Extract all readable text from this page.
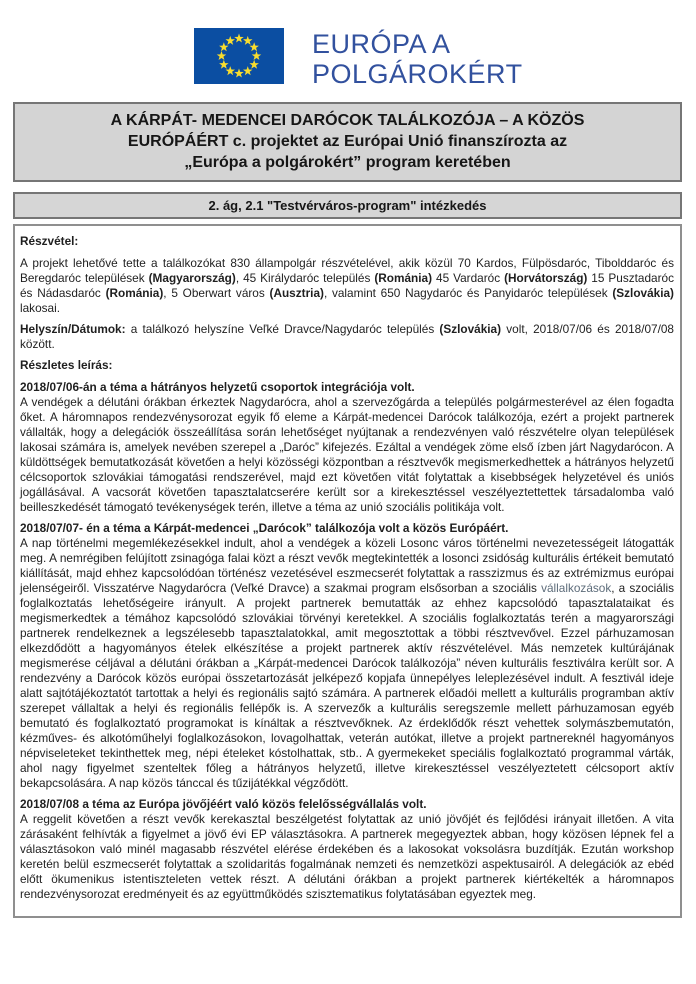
EURÓPA A
POLGÁROKÉRT
A KÁRPÁT- MEDENCEI DARÓCOK TALÁLKOZÓJA – A KÖZÖS
EURÓPÁÉRT c. projektet az Európai Unió finanszírozta az
„Európa a polgárokért” program keretében
2. ág, 2.1 "Testvérváros-program" intézkedés
Részvétel:

A projekt lehetővé tette a találkozókat 830 állampolgár részvételével, akik közül 70 Kardos, Fülpösdaróc, Tibolddaróc és Beregdaróc települések (Magyarország), 45 Királydaróc település (Románia) 45 Vardaróc (Horvátország) 15 Pusztadaróc és Nádasdaróc (Románia), 5 Oberwart város (Ausztria), valamint 650 Nagydaróc és Panyidaróc települések (Szlovákia) lakosai.

Helyszín/Dátumok: a találkozó helyszíne Veľké Dravce/Nagydaróc település (Szlovákia) volt, 2018/07/06 és 2018/07/08 között.

Részletes leírás:
2018/07/06-án a téma a hátrányos helyzetű csoportok integrációja volt.
A vendégek a délutáni órákban érkeztek Nagydarócra, ahol a szervezőgárda a település polgármesterével az élen fogadta őket. A háromnapos rendezvénysorozat egyik fő eleme a Kárpát-medencei Darócok találkozója, ezért a projekt partnerek vállalták, hogy a delegációk összeállítása során lehetőséget nyújtanak a rendezvényen való részvételre olyan települések lakosai számára is, amelyek nevében szerepel a „Daróc” kifejezés. Ezáltal a vendégek zöme első ízben járt Nagydarócon. A küldöttségek bemutatkozását követően a helyi közösségi központban a résztvevők megismerkedhettek a hátrányos helyzetű célcsoportok szlovákiai támogatási rendszerével, majd ezt követően vitát folytattak a kisebbségek helyzetével és uniós jogállásával. A vacsorát követően tapasztalatcserére került sor a kirekesztéssel veszélyeztettettek társadalomba való beilleszkedését támogató tevékenységek terén, illetve a téma az unió szociális politikája volt.
2018/07/07- én a téma a Kárpát-medencei „Darócok” találkozója volt a közös Európáért.
A nap történelmi megemlékezésekkel indult, ahol a vendégek a közeli Losonc város történelmi nevezetességeit látogatták meg. A nemrégiben felújított zsinagóga falai közt a részt vevők megtekintették a losonci zsidóság kulturális értékeit bemutató kiállítását, majd ehhez kapcsolódóan történész vezetésével eszmecserét folytattak a rasszizmus és az extrémizmus európai jelenségeiről. Visszatérve Nagydarócra (Veľké Dravce) a szakmai program elsősorban a szociális vállalkozások, a szociális foglalkoztatás lehetőségeire irányult. A projekt partnerek bemutatták az ehhez kapcsolódó tapasztalataikat és megismerkedtek a témához kapcsolódó szlovákiai törvényi keretekkel. A szociális foglalkoztatás terén a magyarországi partnerek rendelkeznek a legszélesebb tapasztalatokkal, amit megosztottak a többi résztvevővel. Ezzel párhuzamosan elkezdődött a hagyományos ételek elkészítése a projekt partnerek aktív részvételével. Más nemzetek kultúrájának megismerése céljával a délutáni órákban a „Kárpát-medencei Darócok találkozója” néven kulturális fesztiválra került sor. A rendezvény a Darócok közös európai összetartozását jelképező kopjafa ünnepélyes leleplezésével indult. A fesztivál ideje alatt sajtótájékoztatót tartottak a helyi és regionális sajtó számára. A partnerek előadói mellett a kulturális programban aktív szerepet vállaltak a helyi és regionális fellépők is. A szervezők a kulturális seregszemle mellett párhuzamosan egyéb bemutató és foglalkoztató programokat is kínáltak a résztvevőknek. Az érdeklődők részt vehettek solymászbemutatón, kézműves- és alkotóműhelyi foglalkozásokon, lovagolhattak, veterán autókat, illetve a projekt partnereknél hagyományos népviseleteket tekinthettek meg, népi ételeket kóstolhattak, stb.. A gyermekeket speciális foglalkoztató programmal várták, ahol nagy figyelmet szenteltek főleg a hátrányos helyzetű, illetve kirekesztéssel veszélyeztetett célcsoport aktív bekapcsolására. A nap közös tánccal és tűzijátékkal végződött.
2018/07/08 a téma az Európa jövőjéért való közös felelősségvállalás volt.
A reggelit követően a részt vevők kerekasztal beszélgetést folytattak az unió jövőjét és fejlődési irányait illetően. A vita zárásaként felhívták a figyelmet a jövő évi EP választásokra. A partnerek megegyeztek abban, hogy közösen lépnek fel a választásokon való minél magasabb részvétel elérése érdekében és a lakosokat voksolásra buzdítják. Ezután workshop keretén belül eszmecserét folytattak a szolidaritás fogalmának nemzeti és nemzetközi aspektusairól. A delegációk az ebéd előtt ökumenikus istentiszteleten vettek részt. A délutáni órákban a projekt partnerek kiértékelték a háromnapos rendezvénysorozat eredményeit és az együttműködés szisztematikus folytatásában egyeztek meg.
